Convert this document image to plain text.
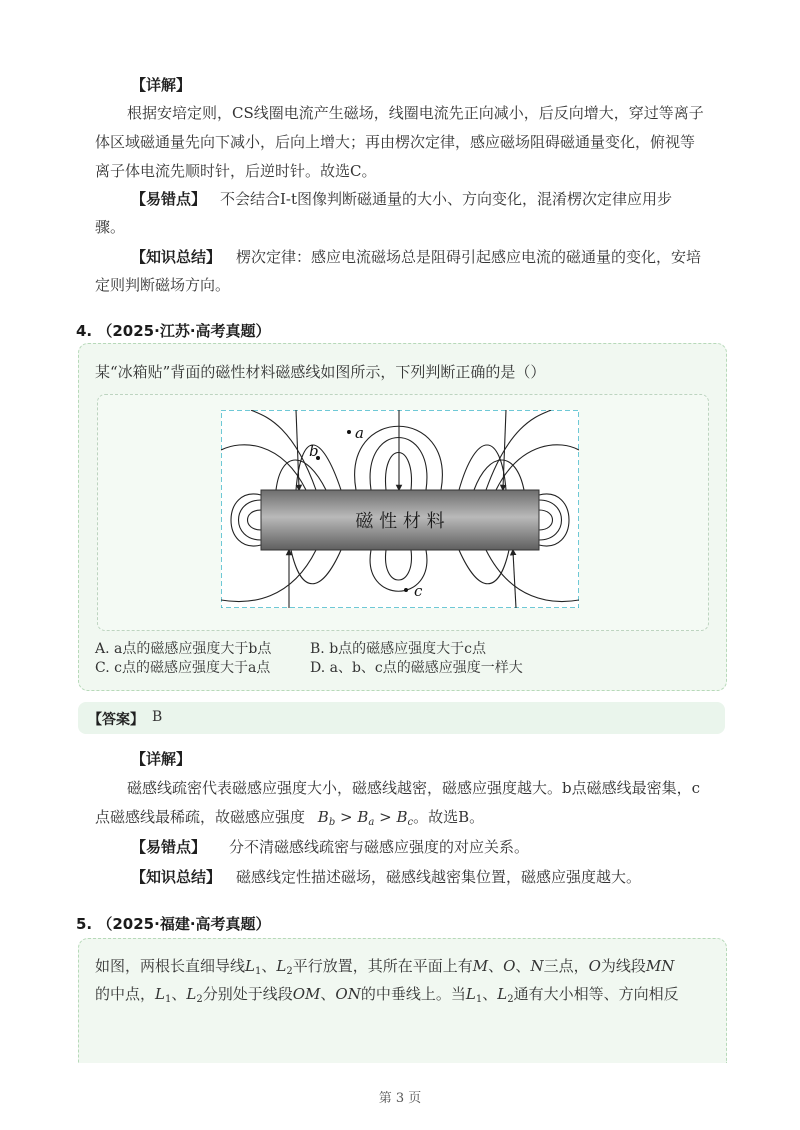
【详解】
根据安培定则，CS线圈电流产生磁场，线圈电流先正向减小，后反向增大，穿过等离子
体区域磁通量先向下减小，后向上增大；再由楞次定律，感应磁场阻碍磁通量变化，俯视等
离子体电流先顺时针，后逆时针。故选C。
【易错点】 不会结合I-t图像判断磁通量的大小、方向变化，混淆楞次定律应用步
骤。
【知识总结】 楞次定律：感应电流磁场总是阻碍引起感应电流的磁通量的变化，安培
定则判断磁场方向。
4. （2025·江苏·高考真题）
某“冰箱贴”背面的磁性材料磁感线如图所示，下列判断正确的是（）
磁 性 材 料
a
b
c
A. a点的磁感应强度大于b点	B. b点的磁感应强度大于c点
C. c点的磁感应强度大于a点	D. a、b、c点的磁感应强度一样大
【答案】 B
【详解】
磁感线疏密代表磁感应强度大小，磁感线越密，磁感应强度越大。b点磁感线最密集，c
点磁感线最稀疏，故磁感应强度 $B_b > B_a > B_c$。故选B。
【易错点】	分不清磁感线疏密与磁感应强度的对应关系。
【知识总结】 磁感线定性描述磁场，磁感线越密集位置，磁感应强度越大。
5. （2025·福建·高考真题）
如图，两根长直细导线$L_1$、$L_2$平行放置，其所在平面上有M、O、N三点，O为线段MN
的中点，$L_1$、$L_2$分别处于线段OM、ON的中垂线上。当$L_1$、$L_2$通有大小相等、方向相反
第 3 页
